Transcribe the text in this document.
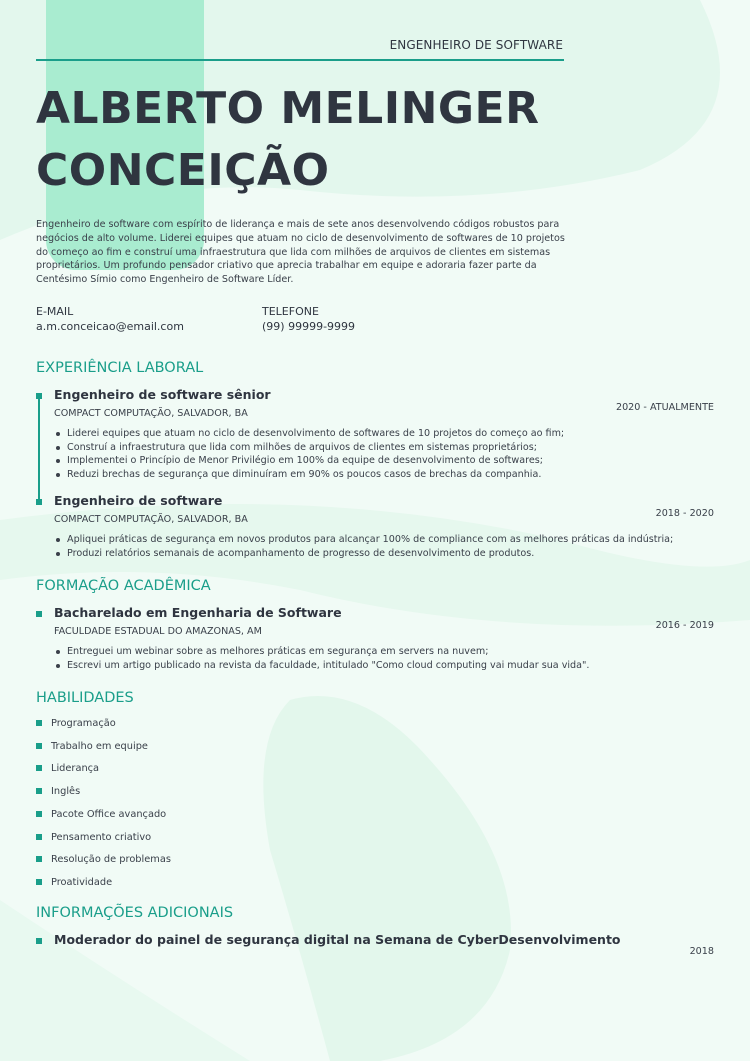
ENGENHEIRO DE SOFTWARE
ALBERTO MELINGER
CONCEIÇÃO
Engenheiro de software com espírito de liderança e mais de sete anos desenvolvendo códigos robustos para negócios de alto volume. Liderei equipes que atuam no ciclo de desenvolvimento de softwares de 10 projetos do começo ao fim e construí uma infraestrutura que lida com milhões de arquivos de clientes em sistemas proprietários. Um profundo pensador criativo que aprecia trabalhar em equipe e adoraria fazer parte da Centésimo Símio como Engenheiro de Software Líder.
E-MAIL
a.m.conceicao@email.com
TELEFONE
(99) 99999-9999
EXPERIÊNCIA LABORAL
Engenheiro de software sênior
COMPACT COMPUTAÇÃO, SALVADOR, BA
Liderei equipes que atuam no ciclo de desenvolvimento de softwares de 10 projetos do começo ao fim;
Construí a infraestrutura que lida com milhões de arquivos de clientes em sistemas proprietários;
Implementei o Princípio de Menor Privilégio em 100% da equipe de desenvolvimento de softwares;
Reduzi brechas de segurança que diminuíram em 90% os poucos casos de brechas da companhia.
2020 - ATUALMENTE
Engenheiro de software
COMPACT COMPUTAÇÃO, SALVADOR, BA
Apliquei práticas de segurança em novos produtos para alcançar 100% de compliance com as melhores práticas da indústria;
Produzi relatórios semanais de acompanhamento de progresso de desenvolvimento de produtos.
2018 - 2020
FORMAÇÃO ACADÊMICA
Bacharelado em Engenharia de Software
FACULDADE ESTADUAL DO AMAZONAS, AM
Entreguei um webinar sobre as melhores práticas em segurança em servers na nuvem;
Escrevi um artigo publicado na revista da faculdade, intitulado "Como cloud computing vai mudar sua vida".
2016 - 2019
HABILIDADES
Programação
Trabalho em equipe
Liderança
Inglês
Pacote Office avançado
Pensamento criativo
Resolução de problemas
Proatividade
INFORMAÇÕES ADICIONAIS
Moderador do painel de segurança digital na Semana de CyberDesenvolvimento
2018
